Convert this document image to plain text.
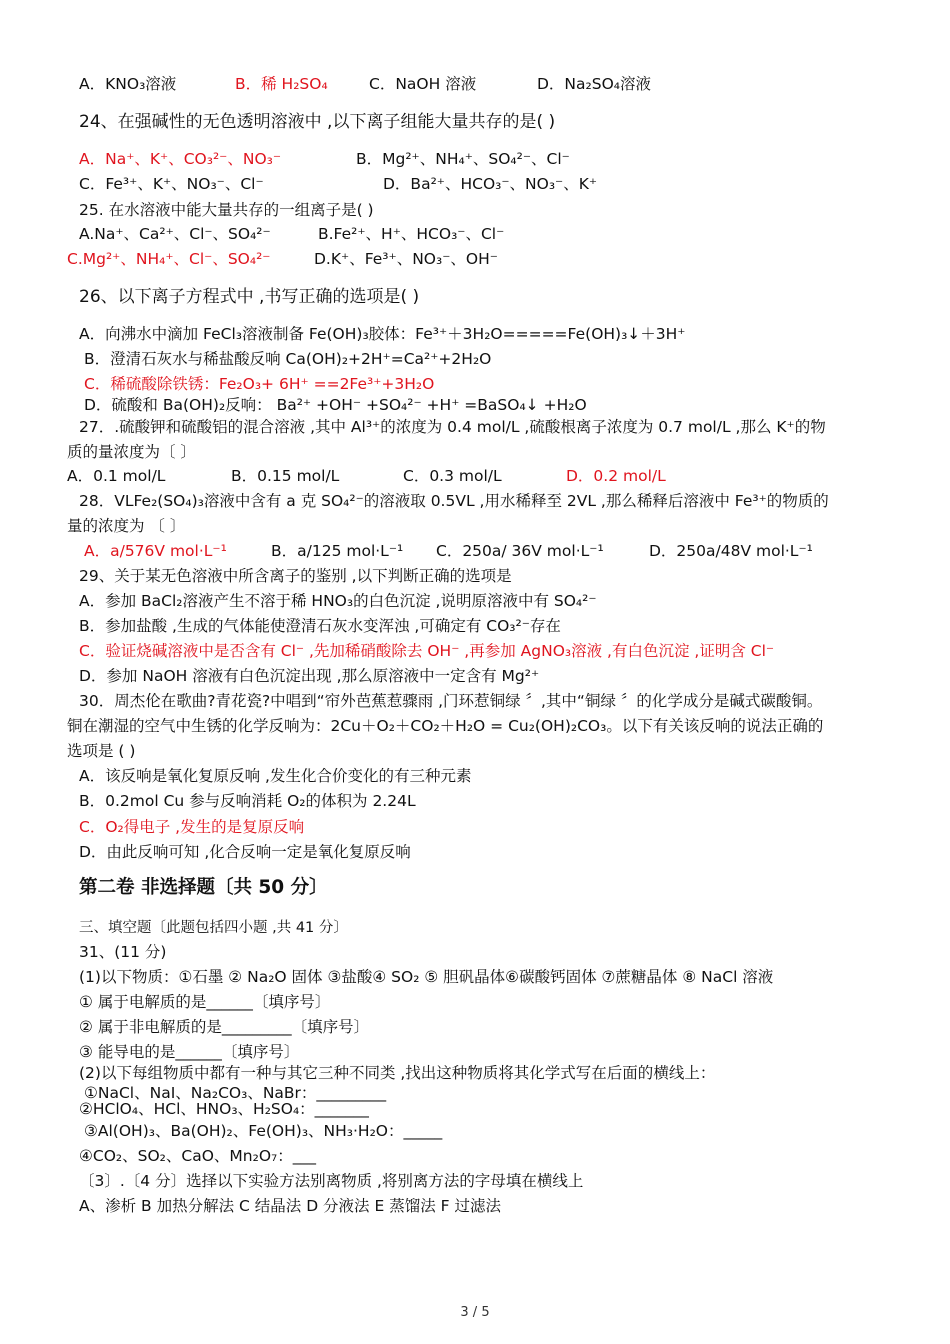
A．KNO₃溶液	B．稀 H₂SO₄	C．NaOH 溶液	D．Na₂SO₄溶液
24、在强碱性的无色透明溶液中 ,以下离子组能大量共存的是( )
A．Na⁺、K⁺、CO₃²⁻、NO₃⁻	B．Mg²⁺、NH₄⁺、SO₄²⁻、Cl⁻
C．Fe³⁺、K⁺、NO₃⁻、Cl⁻	D．Ba²⁺、HCO₃⁻、NO₃⁻、K⁺
25. 在水溶液中能大量共存的一组离子是( )
A.Na⁺、Ca²⁺、Cl⁻、SO₄²⁻	B.Fe²⁺、H⁺、HCO₃⁻、Cl⁻
C.Mg²⁺、NH₄⁺、Cl⁻、SO₄²⁻	D.K⁺、Fe³⁺、NO₃⁻、OH⁻
26、以下离子方程式中 ,书写正确的选项是( )
A．向沸水中滴加 FeCl₃溶液制备 Fe(OH)₃胶体：Fe³⁺＋3H₂O=====Fe(OH)₃↓＋3H⁺
B．澄清石灰水与稀盐酸反响 Ca(OH)₂+2H⁺=Ca²⁺+2H₂O
C．稀硫酸除铁锈：Fe₂O₃+ 6H⁺ ==2Fe³⁺+3H₂O
D．硫酸和 Ba(OH)₂反响： Ba²⁺ +OH⁻ +SO₄²⁻ +H⁺ =BaSO₄↓ +H₂O
27．.硫酸钾和硫酸铝的混合溶液 ,其中 Al³⁺的浓度为 0.4 mol/L ,硫酸根离子浓度为 0.7 mol/L ,那么 K⁺的物
质的量浓度为〔 〕
A．0.1 mol/L	B．0.15 mol/L	C．0.3 mol/L	D．0.2 mol/L
28．VLFe₂(SO₄)₃溶液中含有 a 克 SO₄²⁻的溶液取 0.5VL ,用水稀释至 2VL ,那么稀释后溶液中 Fe³⁺的物质的
量的浓度为 〔 〕
A．a/576V mol·L⁻¹	B．a/125 mol·L⁻¹ C．250a/ 36V mol·L⁻¹	D．250a/48V mol·L⁻¹
29、关于某无色溶液中所含离子的鉴别 ,以下判断正确的选项是
A．参加 BaCl₂溶液产生不溶于稀 HNO₃的白色沉淀 ,说明原溶液中有 SO₄²⁻
B．参加盐酸 ,生成的气体能使澄清石灰水变浑浊 ,可确定有 CO₃²⁻存在
C．验证烧碱溶液中是否含有 Cl⁻ ,先加稀硝酸除去 OH⁻ ,再参加 AgNO₃溶液 ,有白色沉淀 ,证明含 Cl⁻
D．参加 NaOH 溶液有白色沉淀出现 ,那么原溶液中一定含有 Mg²⁺
30．周杰伦在歌曲?青花瓷?中唱到“帘外芭蕉惹骤雨 ,门环惹铜绿 〞,其中“铜绿 〞的化学成分是碱式碳酸铜。
铜在潮湿的空气中生锈的化学反响为：2Cu＋O₂＋CO₂＋H₂O = Cu₂(OH)₂CO₃。以下有关该反响的说法正确的
选项是 ( )
A．该反响是氧化复原反响 ,发生化合价变化的有三种元素
B．0.2mol Cu 参与反响消耗 O₂的体积为 2.24L
C．O₂得电子 ,发生的是复原反响
D．由此反响可知 ,化合反响一定是氧化复原反响
第二卷 非选择题〔共 50 分〕
三、填空题〔此题包括四小题 ,共 41 分〕
31、(11 分)
(1)以下物质：①石墨 ② Na₂O 固体 ③盐酸④ SO₂ ⑤ 胆矾晶体⑥碳酸钙固体 ⑦蔗糖晶体 ⑧ NaCl 溶液
① 属于电解质的是______〔填序号〕
② 属于非电解质的是_________〔填序号〕
③ 能导电的是______〔填序号〕
(2)以下每组物质中都有一种与其它三种不同类 ,找出这种物质将其化学式写在后面的横线上：
①NaCl、NaI、Na₂CO₃、NaBr：_________
②HClO₄、HCl、HNO₃、H₂SO₄：_______
③Al(OH)₃、Ba(OH)₂、Fe(OH)₃、NH₃·H₂O：_____
④CO₂、SO₂、CaO、Mn₂O₇：___
〔3〕.〔4 分〕选择以下实验方法别离物质 ,将别离方法的字母填在横线上
A、渗析 B 加热分解法 C 结晶法 D 分液法 E 蒸馏法 F 过滤法
3 / 5
